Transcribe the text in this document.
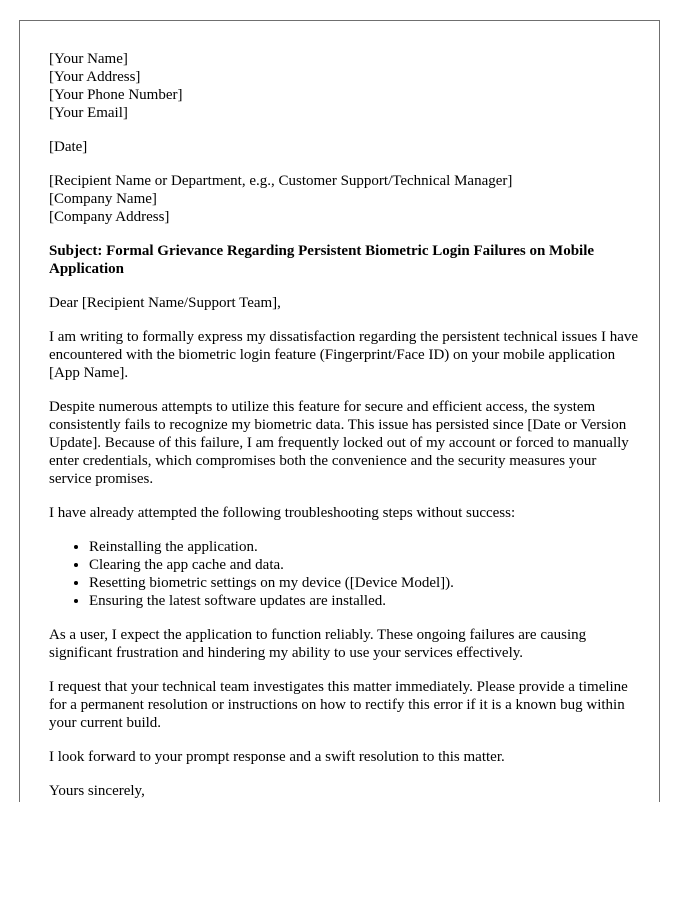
[Your Name]
[Your Address]
[Your Phone Number]
[Your Email]

[Date]

[Recipient Name or Department, e.g., Customer Support/Technical Manager]
[Company Name]
[Company Address]

Subject: Formal Grievance Regarding Persistent Biometric Login Failures on Mobile Application

Dear [Recipient Name/Support Team],

I am writing to formally express my dissatisfaction regarding the persistent technical issues I have encountered with the biometric login feature (Fingerprint/Face ID) on your mobile application [App Name].

Despite numerous attempts to utilize this feature for secure and efficient access, the system consistently fails to recognize my biometric data. This issue has persisted since [Date or Version Update]. Because of this failure, I am frequently locked out of my account or forced to manually enter credentials, which compromises both the convenience and the security measures your service promises.

I have already attempted the following troubleshooting steps without success:

• Reinstalling the application.
• Clearing the app cache and data.
• Resetting biometric settings on my device ([Device Model]).
• Ensuring the latest software updates are installed.

As a user, I expect the application to function reliably. These ongoing failures are causing significant frustration and hindering my ability to use your services effectively.

I request that your technical team investigates this matter immediately. Please provide a timeline for a permanent resolution or instructions on how to rectify this error if it is a known bug within your current build.

I look forward to your prompt response and a swift resolution to this matter.

Yours sincerely,
